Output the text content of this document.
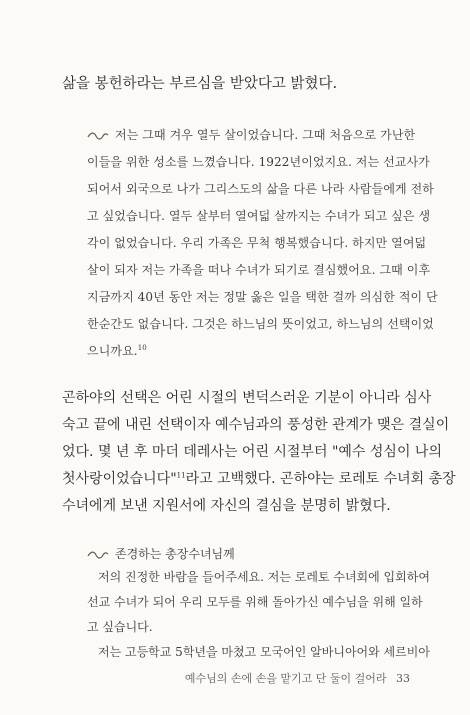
삶을 봉헌하라는 부르심을 받았다고 밝혔다.
저는 그때 겨우 열두 살이었습니다. 그때 처음으로 가난한
이들을 위한 성소를 느꼈습니다. 1922년이었지요. 저는 선교사가
되어서 외국으로 나가 그리스도의 삶을 다른 나라 사람들에게 전하
고 싶었습니다. 열두 살부터 열여덟 살까지는 수녀가 되고 싶은 생
각이 없었습니다. 우리 가족은 무척 행복했습니다. 하지만 열여덟
살이 되자 저는 가족을 떠나 수녀가 되기로 결심했어요. 그때 이후
지금까지 40년 동안 저는 정말 옳은 일을 택한 걸까 의심한 적이 단
한순간도 없습니다. 그것은 하느님의 뜻이었고, 하느님의 선택이었
으니까요.$^{10}$
곤하야의 선택은 어린 시절의 변덕스러운 기분이 아니라 심사
숙고 끝에 내린 선택이자 예수님과의 풍성한 관계가 맺은 결실이
었다. 몇 년 후 마더 데레사는 어린 시절부터 "예수 성심이 나의
첫사랑이었습니다"$^{11}$라고 고백했다. 곤하야는 로레토 수녀회 총장
수녀에게 보낸 지원서에 자신의 결심을 분명히 밝혔다.
존경하는 총장수녀님께
저의 진정한 바람을 들어주세요. 저는 로레토 수녀회에 입회하여
선교 수녀가 되어 우리 모두를 위해 돌아가신 예수님을 위해 일하
고 싶습니다.
저는 고등학교 5학년을 마쳤고 모국어인 알바니아어와 세르비아
예수님의 손에 손을 맡기고 단 둘이 걸어라 33
